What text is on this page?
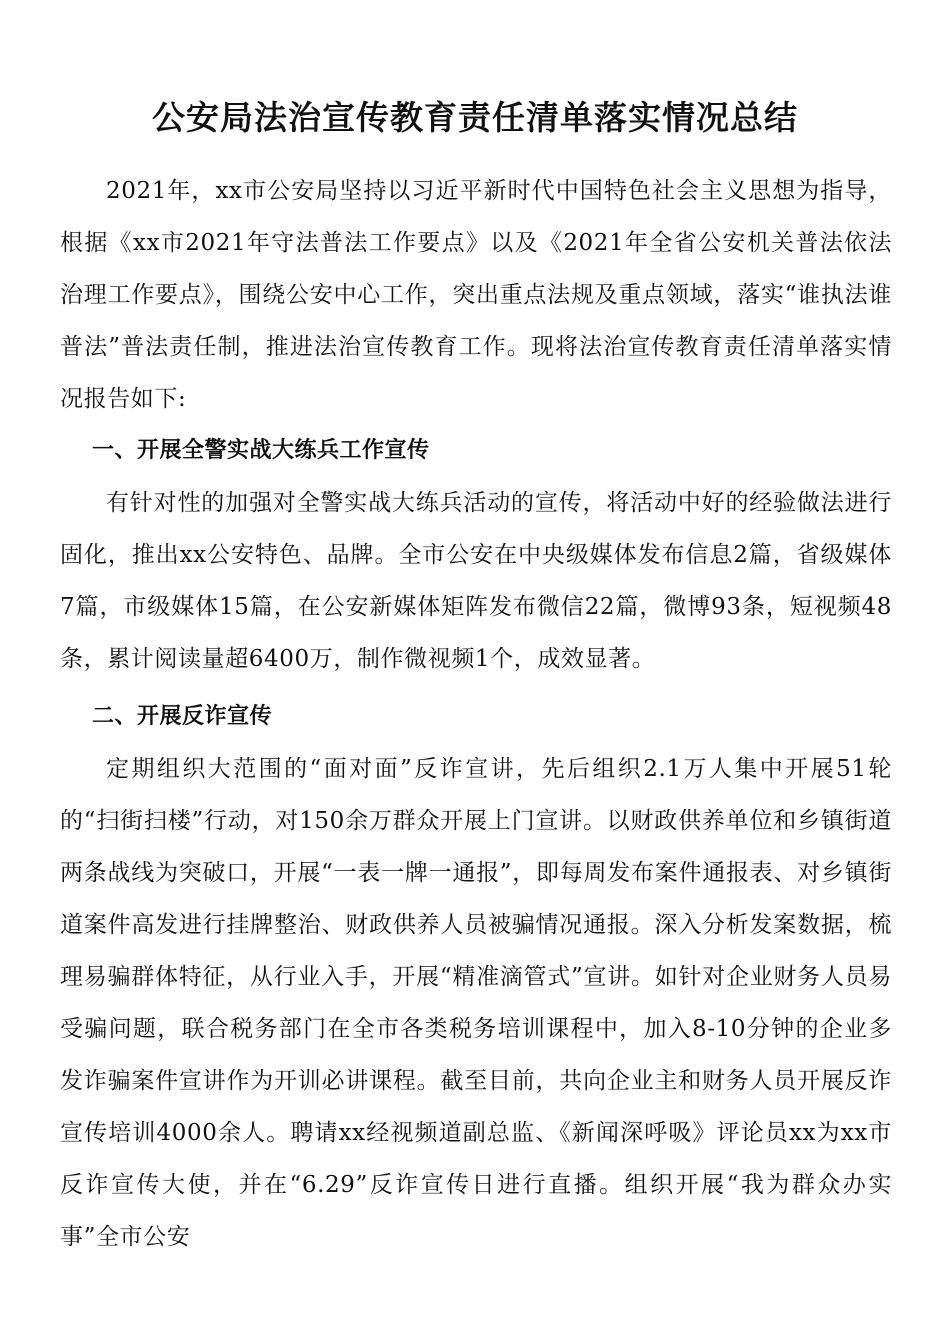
公安局法治宣传教育责任清单落实情况总结

2021年，xx市公安局坚持以习近平新时代中国特色社会主义思想为指导，根据《xx市2021年守法普法工作要点》以及《2021年全省公安机关普法依法治理工作要点》，围绕公安中心工作，突出重点法规及重点领域，落实“谁执法谁普法”普法责任制，推进法治宣传教育工作。现将法治宣传教育责任清单落实情况报告如下:

一、开展全警实战大练兵工作宣传

有针对性的加强对全警实战大练兵活动的宣传，将活动中好的经验做法进行固化，推出xx公安特色、品牌。全市公安在中央级媒体发布信息2篇，省级媒体7篇，市级媒体15篇，在公安新媒体矩阵发布微信22篇，微博93条，短视频48条，累计阅读量超6400万，制作微视频1个，成效显著。

二、开展反诈宣传

定期组织大范围的“面对面”反诈宣讲，先后组织2.1万人集中开展51轮的“扫街扫楼”行动，对150余万群众开展上门宣讲。以财政供养单位和乡镇街道两条战线为突破口，开展“一表一牌一通报”，即每周发布案件通报表、对乡镇街道案件高发进行挂牌整治、财政供养人员被骗情况通报。深入分析发案数据，梳理易骗群体特征，从行业入手，开展“精准滴管式”宣讲。如针对企业财务人员易受骗问题，联合税务部门在全市各类税务培训课程中，加入8-10分钟的企业多发诈骗案件宣讲作为开训必讲课程。截至目前，共向企业主和财务人员开展反诈宣传培训4000余人。聘请xx经视频道副总监、《新闻深呼吸》评论员xx为xx市反诈宣传大使，并在“6.29”反诈宣传日进行直播。组织开展“我为群众办实事”全市公安
